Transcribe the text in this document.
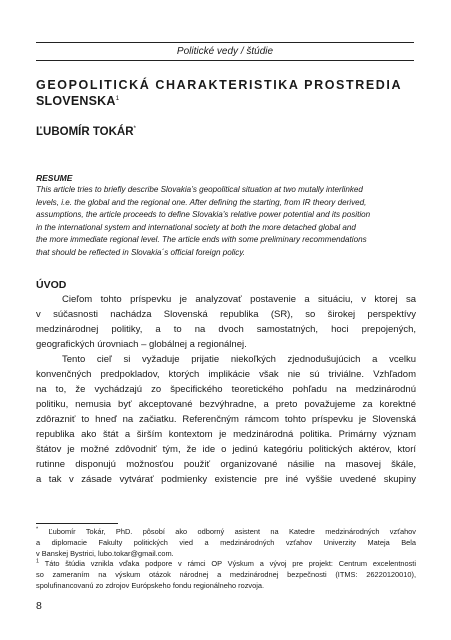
Politické vedy / štúdie
GEOPOLITICKÁ CHARAKTERISTIKA PROSTREDIA
SLOVENSKA$^1$
ĽUBOMÍR TOKÁR*
RESUME
This article tries to briefly describe Slovakia’s geopolitical situation at two mutally interlinked
levels, i.e. the global and the regional one. After defining the starting, from IR theory derived,
assumptions, the article proceeds to define Slovakia’s relative power potential and its position
in the international system and international society at both the more detached global and
the more immediate regional level. The article ends with some preliminary recommendations
that should be reflected in Slovakia´s official foreign policy.
ÚVOD
Cieľom tohto príspevku je analyzovať postavenie a situáciu, v ktorej sa
v súčasnosti nachádza Slovenská republika (SR), so širokej perspektívy
medzinárodnej politiky, a to na dvoch samostatných, hoci prepojených,
geografických úrovniach – globálnej a regionálnej.
Tento cieľ si vyžaduje prijatie niekoľkých zjednodušujúcich a vcelku
konvenčných predpokladov, ktorých implikácie však nie sú triviálne. Vzhľadom
na to, že vychádzajú zo špecifického teoretického pohľadu na medzinárodnú
politiku, nemusia byť akceptované bezvýhradne, a preto považujeme za korektné
zdôrazniť to hneď na začiatku. Referenčným rámcom tohto príspevku je Slovenská
republika ako štát a širším kontextom je medzinárodná politika. Primárny význam
štátov je možné zdôvodniť tým, že ide o jedinú kategóriu politických aktérov, ktorí
rutinne disponujú možnosťou použiť organizované násilie na masovej škále,
a tak v zásade vytvárať podmienky existencie pre iné vyššie uvedené skupiny
* Ľubomír Tokár, PhD. pôsobí ako odborný asistent na Katedre medzinárodných vzťahov
a diplomacie Fakulty politických vied a medzinárodných vzťahov Univerzity Mateja Bela
v Banskej Bystrici, lubo.tokar@gmail.com.
$^1$ Táto štúdia vznikla vďaka podpore v rámci OP Výskum a vývoj pre projekt: Centrum excelentnosti
so zameraním na výskum otázok národnej a medzinárodnej bezpečnosti (ITMS: 26220120010),
spolufinancovanú zo zdrojov Európskeho fondu regionálneho rozvoja.
8
